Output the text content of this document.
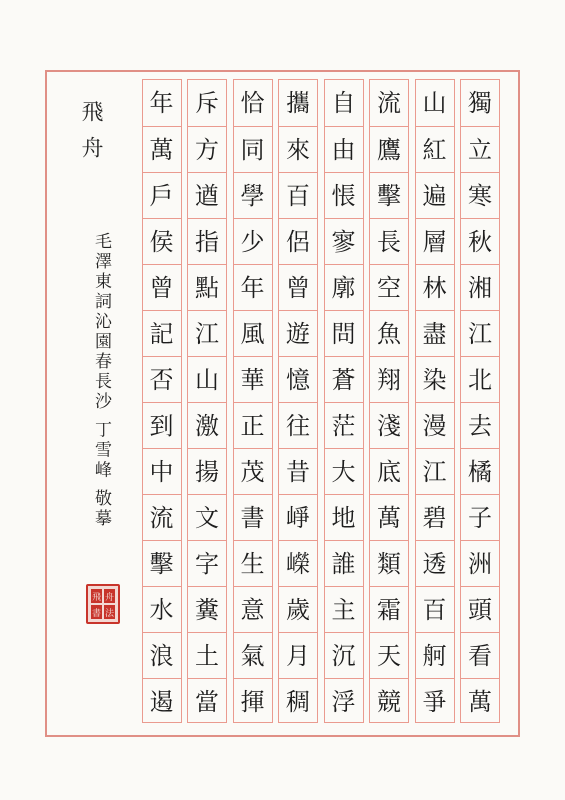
獨
立
寒
秋
湘
江
北
去
橘
子
洲
頭
看
萬
山
紅
遍
層
林
盡
染
漫
江
碧
透
百
舸
爭
流
鷹
擊
長
空
魚
翔
淺
底
萬
類
霜
天
競
自
由
悵
寥
廓
問
蒼
茫
大
地
誰
主
沉
浮
攜
來
百
侶
曾
遊
憶
往
昔
崢
嶸
歲
月
稠
恰
同
學
少
年
風
華
正
茂
書
生
意
氣
揮
斥
方
遒
指
點
江
山
激
揚
文
字
糞
土
當
年
萬
戶
侯
曾
記
否
到
中
流
擊
水
浪
遏
飛舟
毛澤東詞沁園春長沙 丁雪峰 敬摹
飛 舟
書 法
